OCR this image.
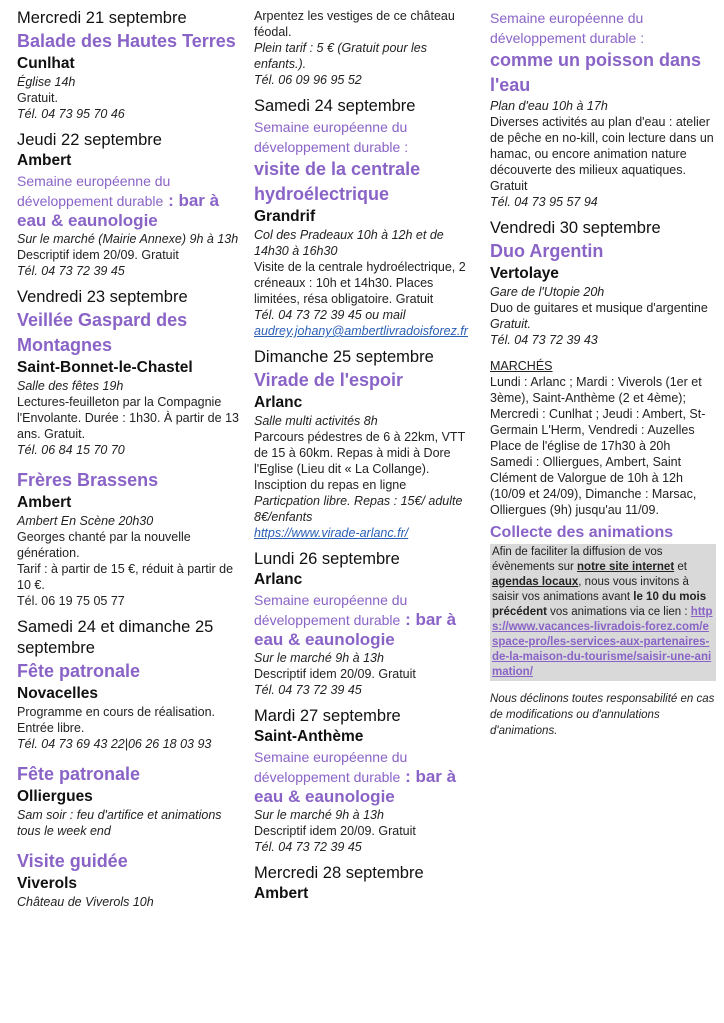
Mercredi 21 septembre
Balade des Hautes Terres
Cunlhat
Église 14h
Gratuit.
Tél. 04 73 95 70 46
Jeudi 22 septembre
Ambert
Semaine européenne du développement durable : bar à eau & eaunologie
Sur le marché (Mairie Annexe) 9h à 13h
Descriptif idem 20/09. Gratuit
Tél. 04 73 72 39 45
Vendredi 23 septembre
Veillée Gaspard des Montagnes
Saint-Bonnet-le-Chastel
Salle des fêtes 19h
Lectures-feuilleton par la Compagnie l'Envolante. Durée : 1h30. À partir de 13 ans. Gratuit.
Tél. 06 84 15 70 70
Frères Brassens
Ambert
Ambert En Scène 20h30
Georges chanté par la nouvelle génération.
Tarif : à partir de 15 €, réduit à partir de 10 €.
Tél. 06 19 75 05 77
Samedi 24 et dimanche 25 septembre
Fête patronale
Novacelles
Programme en cours de réalisation. Entrée libre.
Tél. 04 73 69 43 22|06 26 18 03 93
Fête patronale
Olliergues
Sam soir : feu d'artifice et animations tous le week end
Visite guidée
Viverols
Château de Viverols 10h
Arpentez les vestiges de ce château féodal.
Plein tarif : 5 € (Gratuit pour les enfants.).
Tél. 06 09 96 95 52
Samedi 24 septembre
Semaine européenne du développement durable :
visite de la centrale hydroélectrique
Grandrif
Col des Pradeaux 10h à 12h et de 14h30 à 16h30
Visite de la centrale hydroélectrique, 2 créneaux : 10h et 14h30. Places limitées, résa obligatoire. Gratuit
Tél. 04 73 72 39 45 ou mail
audrey.johany@ambertlivradoisforez.fr
Dimanche 25 septembre
Virade de l'espoir
Arlanc
Salle multi activités 8h
Parcours pédestres de 6 à 22km, VTT de 15 à 60km. Repas à midi à Dore l'Eglise (Lieu dit « La Collange). Insciption du repas en ligne
Particpation libre. Repas : 15€/ adulte 8€/enfants
https://www.virade-arlanc.fr/
Lundi 26 septembre
Arlanc
Semaine européenne du développement durable : bar à eau & eaunologie
Sur le marché 9h à 13h
Descriptif idem 20/09. Gratuit
Tél. 04 73 72 39 45
Mardi 27 septembre
Saint-Anthème
Semaine européenne du développement durable : bar à eau & eaunologie
Sur le marché 9h à 13h
Descriptif idem 20/09. Gratuit
Tél. 04 73 72 39 45
Mercredi 28 septembre
Ambert
Semaine européenne du développement durable :
comme un poisson dans l'eau
Plan d'eau 10h à 17h
Diverses activités au plan d'eau : atelier de pêche en no-kill, coin lecture dans un hamac, ou encore animation nature découverte des milieux aquatiques. Gratuit
Tél. 04 73 95 57 94
Vendredi 30 septembre
Duo Argentin
Vertolaye
Gare de l'Utopie 20h
Duo de guitares et musique d'argentine Gratuit.
Tél. 04 73 72 39 43
MARCHÉS
Lundi : Arlanc ; Mardi : Viverols (1er et 3ème), Saint-Anthème (2 et 4ème); Mercredi : Cunlhat ; Jeudi : Ambert, St-Germain L'Herm, Vendredi : Auzelles Place de l'église de 17h30 à 20h Samedi : Olliergues, Ambert, Saint Clément de Valorgue de 10h à 12h (10/09 et 24/09), Dimanche : Marsac, Olliergues (9h) jusqu'au 11/09.
Collecte des animations
Afin de faciliter la diffusion de vos évènements sur notre site internet et agendas locaux, nous vous invitons à saisir vos animations avant le 10 du mois précédent vos animations via ce lien : https://www.vacances-livradois-forez.com/espace-pro/les-services-aux-partenaires-de-la-maison-du-tourisme/saisir-une-animation/
Nous déclinons toutes responsabilité en cas de modifications ou d'annulations d'animations.
